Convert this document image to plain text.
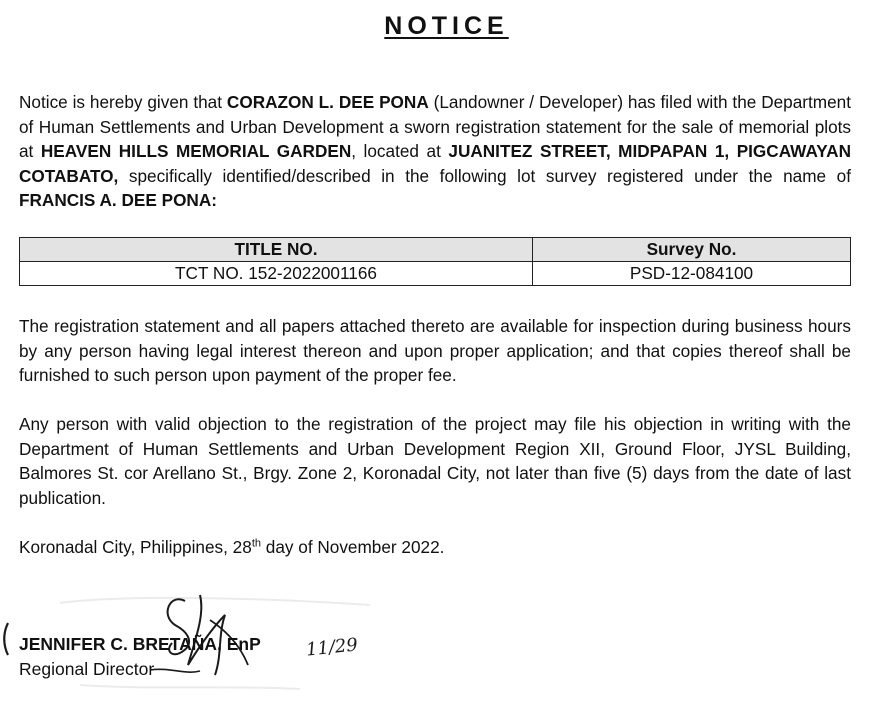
NOTICE

Notice is hereby given that CORAZON L. DEE PONA (Landowner / Developer) has filed with the Department of Human Settlements and Urban Development a sworn registration statement for the sale of memorial plots at HEAVEN HILLS MEMORIAL GARDEN, located at JUANITEZ STREET, MIDPAPAN 1, PIGCAWAYAN COTABATO, specifically identified/described in the following lot survey registered under the name of FRANCIS A. DEE PONA:

TITLE NO.	Survey No.
TCT NO. 152-2022001166	PSD-12-084100

The registration statement and all papers attached thereto are available for inspection during business hours by any person having legal interest thereon and upon proper application; and that copies thereof shall be furnished to such person upon payment of the proper fee.

Any person with valid objection to the registration of the project may file his objection in writing with the Department of Human Settlements and Urban Development Region XII, Ground Floor, JYSL Building, Balmores St. cor Arellano St., Brgy. Zone 2, Koronadal City, not later than five (5) days from the date of last publication.

Koronadal City, Philippines, 28th day of November 2022.

JENNIFER C. BRETAÑA, EnP
Regional Director
11/29
